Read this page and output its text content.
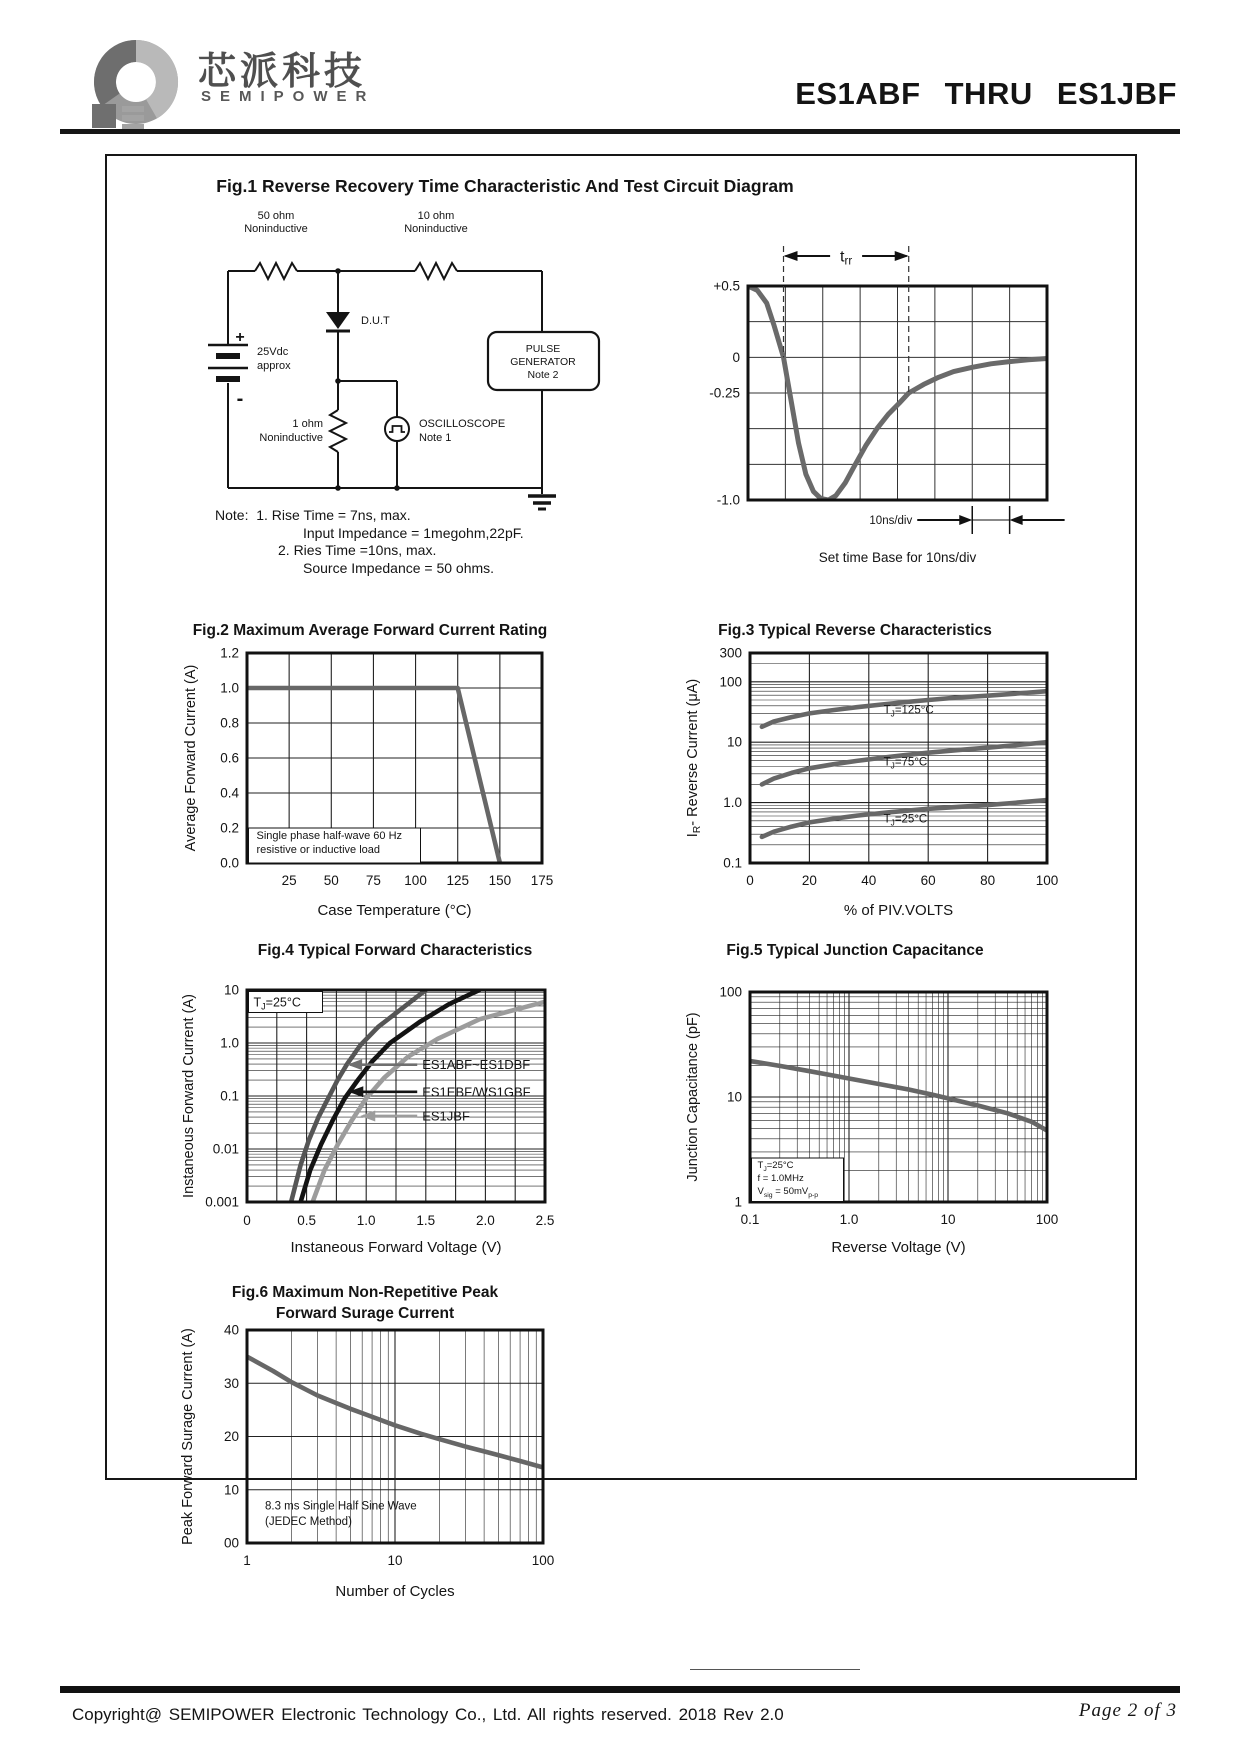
芯派科技
SEMIPOWER	ES1ABF THRU ES1JBF
Fig.1 Reverse Recovery Time Characteristic And Test Circuit Diagram
50 ohm
Noninductive
10 ohm
Noninductive
D.U.T
+
-
25Vdc
approx
1 ohm
Noninductive
OSCILLOSCOPE
Note 1
PULSE
GENERATOR
Note 2
Note:  1. Rise Time = 7ns, max.
Input Impedance = 1megohm,22pF.
2. Ries Time =10ns, max.
Source Impedance = 50 ohms.
+0.5
0
-0.25
-1.0
trr
10ns/div
Set time Base for 10ns/div
Fig.2 Maximum Average Forward Current Rating
25 50 75 100 125 150 175
1.2
1.0
0.8
0.6
0.4
0.2
0.0
Case Temperature (°C)
Average Forward Current (A)	Single phase half-wave 60 Hz
resistive or inductive load
Fig.3 Typical Reverse Characteristics
0	20	40	60	80	100
300
100
10
1.0
0.1
% of PIV.VOLTS
$I_R-$ Reverse Current (μA)	$T_J=125^\circ C$
$T_J=75^\circ C$
$T_J=25^\circ C$
Fig.4 Typical Forward Characteristics
0	0.5	1.0	1.5	2.0	2.5
10
1.0
0.1
0.01
0.001
Instaneous Forward Voltage (V)
Instaneous Forward Current (A)	$T_J=25^\circ C$
ES1ABF~ES1DBF
ES1EBF/WS1GBF
ES1JBF
Fig.5 Typical Junction Capacitance
0.1	1.0	10	100
100
10
1
Reverse Voltage (V)
Junction Capacitance (pF)	$T_J=25^\circ C$
f = 1.0MHz
$V_{sig} = 50mV_{p-p}$
Fig.6 Maximum Non-Repetitive Peak
Forward Surage Current
1	10	100
40
30
20
10
00
Number of Cycles
Peak Forward Surage Current (A)	8.3 ms Single Half Sine Wave
(JEDEC Method)
Copyright@ SEMIPOWER Electronic Technology Co., Ltd. All rights reserved. 2018 Rev 2.0	Page 2 of 3
